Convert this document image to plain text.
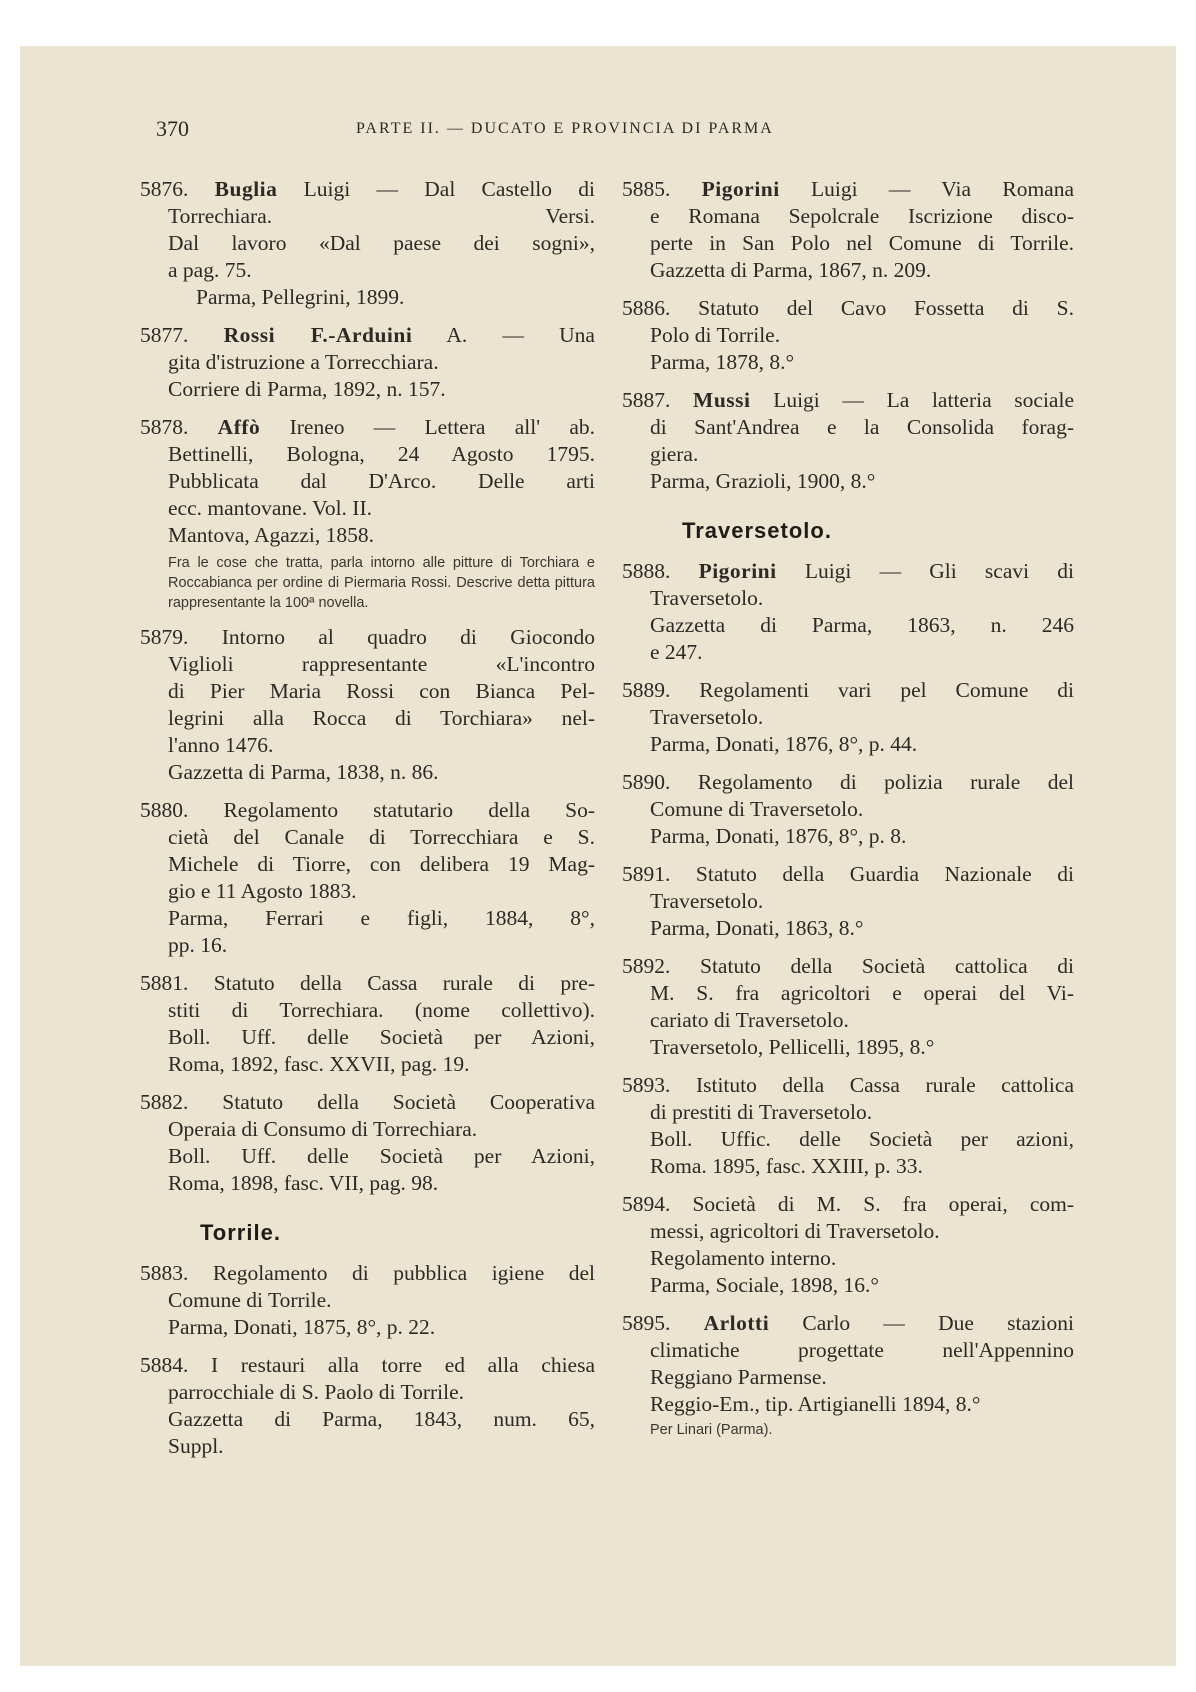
370	PARTE II. — DUCATO E PROVINCIA DI PARMA
5876. Buglia Luigi — Dal Castello di
Torrechiara. Versi.
Dal lavoro «Dal paese dei sogni»,
a pag. 75.
Parma, Pellegrini, 1899.
5877. Rossi F.-Arduini A. — Una
gita d'istruzione a Torrecchiara.
Corriere di Parma, 1892, n. 157.
5878. Affò Ireneo — Lettera all' ab.
Bettinelli, Bologna, 24 Agosto 1795.
Pubblicata dal D'Arco. Delle arti
ecc. mantovane. Vol. II.
Mantova, Agazzi, 1858.
Fra le cose che tratta, parla intorno alle pitture di Torchiara e Roccabianca per ordine di Piermaria Rossi. Descrive detta pittura rappresentante la 100ª novella.
5879. Intorno al quadro di Giocondo
Viglioli rappresentante «L'incontro
di Pier Maria Rossi con Bianca Pel-
legrini alla Rocca di Torchiara» nel-
l'anno 1476.
Gazzetta di Parma, 1838, n. 86.
5880. Regolamento statutario della So-
cietà del Canale di Torrecchiara e S.
Michele di Tiorre, con delibera 19 Mag-
gio e 11 Agosto 1883.
Parma, Ferrari e figli, 1884, 8°,
pp. 16.
5881. Statuto della Cassa rurale di pre-
stiti di Torrechiara. (nome collettivo).
Boll. Uff. delle Società per Azioni,
Roma, 1892, fasc. XXVII, pag. 19.
5882. Statuto della Società Cooperativa
Operaia di Consumo di Torrechiara.
Boll. Uff. delle Società per Azioni,
Roma, 1898, fasc. VII, pag. 98.
Torrile.
5883. Regolamento di pubblica igiene del
Comune di Torrile.
Parma, Donati, 1875, 8°, p. 22.
5884. I restauri alla torre ed alla chiesa
parrocchiale di S. Paolo di Torrile.
Gazzetta di Parma, 1843, num. 65,
Suppl.
5885. Pigorini Luigi — Via Romana
e Romana Sepolcrale Iscrizione disco-
perte in San Polo nel Comune di Torrile.
Gazzetta di Parma, 1867, n. 209.
5886. Statuto del Cavo Fossetta di S.
Polo di Torrile.
Parma, 1878, 8.°
5887. Mussi Luigi — La latteria sociale
di Sant'Andrea e la Consolida forag-
giera.
Parma, Grazioli, 1900, 8.°
Traversetolo.
5888. Pigorini Luigi — Gli scavi di
Traversetolo.
Gazzetta di Parma, 1863, n. 246
e 247.
5889. Regolamenti vari pel Comune di
Traversetolo.
Parma, Donati, 1876, 8°, p. 44.
5890. Regolamento di polizia rurale del
Comune di Traversetolo.
Parma, Donati, 1876, 8°, p. 8.
5891. Statuto della Guardia Nazionale di
Traversetolo.
Parma, Donati, 1863, 8.°
5892. Statuto della Società cattolica di
M. S. fra agricoltori e operai del Vi-
cariato di Traversetolo.
Traversetolo, Pellicelli, 1895, 8.°
5893. Istituto della Cassa rurale cattolica
di prestiti di Traversetolo.
Boll. Uffic. delle Società per azioni,
Roma. 1895, fasc. XXIII, p. 33.
5894. Società di M. S. fra operai, com-
messi, agricoltori di Traversetolo.
Regolamento interno.
Parma, Sociale, 1898, 16.°
5895. Arlotti Carlo — Due stazioni
climatiche progettate nell'Appennino
Reggiano Parmense.
Reggio-Em., tip. Artigianelli 1894, 8.°
Per Linari (Parma).
